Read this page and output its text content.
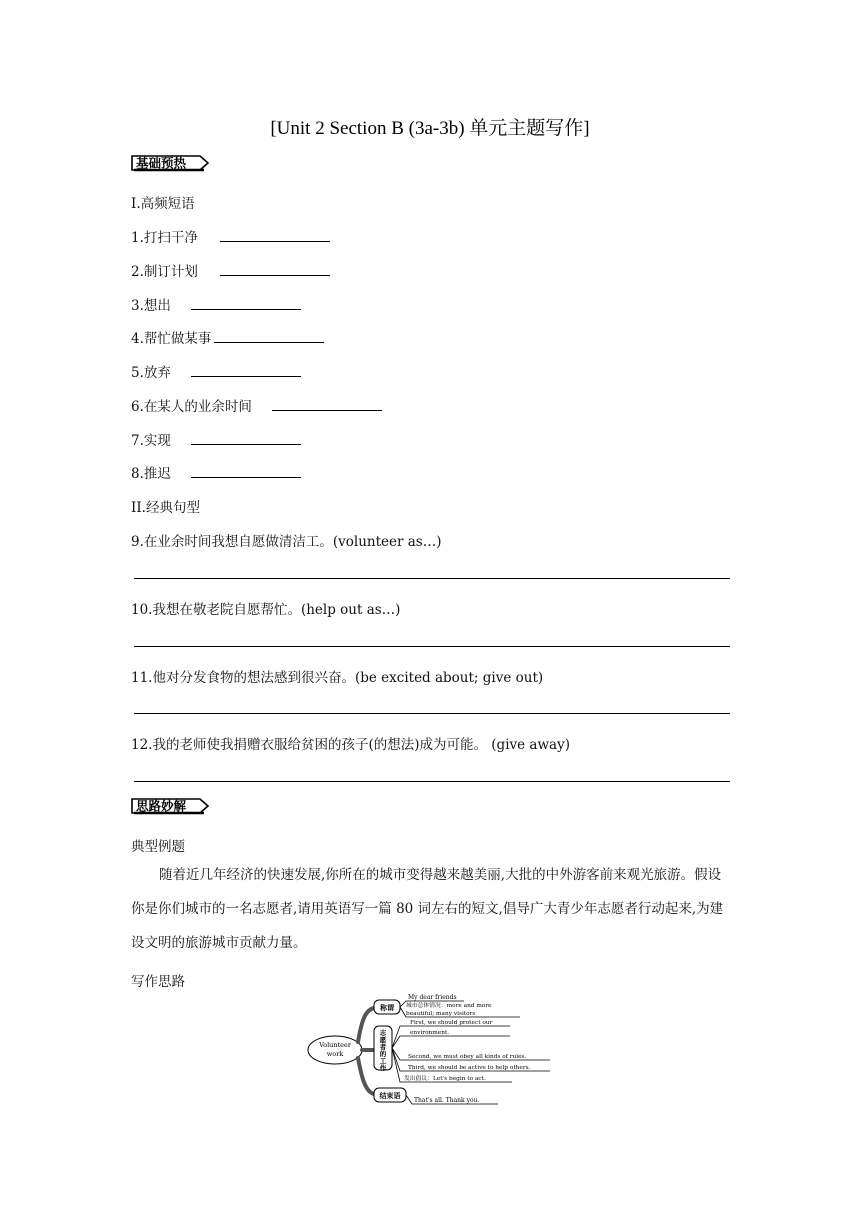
[Unit 2 Section B (3a-3b) 单元主题写作]
基础预热
I.高频短语
1.打扫干净
2.制订计划
3.想出
4.帮忙做某事
5.放弃
6.在某人的业余时间
7.实现
8.推迟
II.经典句型
9.在业余时间我想自愿做清洁工。(volunteer as…)
10.我想在敬老院自愿帮忙。(help out as…)
11.他对分发食物的想法感到很兴奋。(be excited about; give out)
12.我的老师使我捐赠衣服给贫困的孩子(的想法)成为可能。 (give away)
思路妙解
典型例题
随着近几年经济的快速发展,你所在的城市变得越来越美丽,大批的中外游客前来观光旅游。假设你是你们城市的一名志愿者,请用英语写一篇 80 词左右的短文,倡导广大青少年志愿者行动起来,为建设文明的旅游城市贡献力量。
写作思路
Volunteer
work
称谓
志
愿
者
的
工
作
结束语
My dear friends
城市总体情况：more and more
beautiful; many visitors
First, we should protect our
environment.
Second, we must obey all kinds of rules.
Third, we should be active to help others.
发出倡议：Let's begin to act.
That's all. Thank you.
